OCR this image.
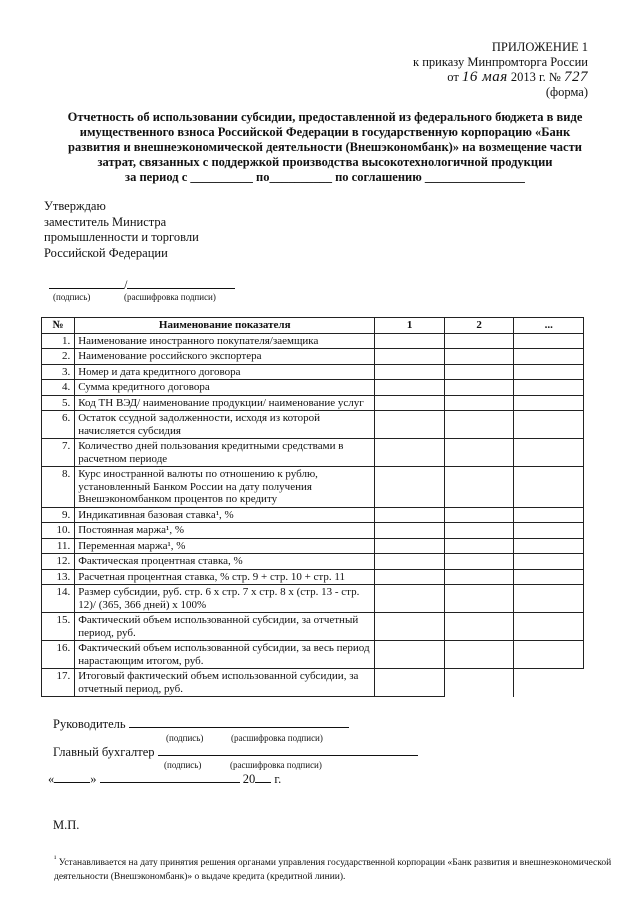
ПРИЛОЖЕНИЕ 1
к приказу Минпромторга России
от 16 мая 2013 г. № 727
(форма)
Отчетность об использовании субсидии, предоставленной из федерального бюджета в виде
имущественного взноса Российской Федерации в государственную корпорацию «Банк
развития и внешнеэкономической деятельности (Внешэкономбанк)» на возмещение части
затрат, связанных с поддержкой производства высокотехнологичной продукции
за период с __________ по__________ по соглашению ________________
Утверждаю
заместитель Министра
промышленности и торговли
Российской Федерации
/
(подпись)	(расшифровка подписи)
№	Наименование показателя	1	2	...
1.	Наименование иностранного покупателя/заемщика			
2.	Наименование российского экспортера			
3.	Номер и дата кредитного договора			
4.	Сумма кредитного договора			
5.	Код ТН ВЭД/ наименование продукции/ наименование услуг			
6.	Остаток ссудной задолженности, исходя из которой начисляется субсидия			
7.	Количество дней пользования кредитными средствами в расчетном периоде			
8.	Курс иностранной валюты по отношению к рублю, установленный Банком России на дату получения Внешэкономбанком процентов по кредиту			
9.	Индикативная базовая ставка¹, %			
10.	Постоянная маржа¹, %			
11.	Переменная маржа¹, %			
12.	Фактическая процентная ставка, %			
13.	Расчетная процентная ставка, % стр. 9 + стр. 10 + стр. 11			
14.	Размер субсидии, руб. стр. 6 х стр. 7 х стр. 8 х (стр. 13 - стр. 12)/ (365, 366 дней) х 100%			
15.	Фактический объем использованной субсидии, за отчетный период, руб.			
16.	Фактический объем использованной субсидии, за весь период нарастающим итогом, руб.			
17.	Итоговый фактический объем использованной субсидии, за отчетный период, руб.			
Руководитель
(подпись)	(расшифровка подписи)
Главный бухгалтер
(подпись)	(расшифровка подписи)
«	»	20 г.
М.П.
$^{^1}$ Устанавливается на дату принятия решения органами управления государственной корпорации «Банк развития и внешнеэкономической деятельности (Внешэкономбанк)» о выдаче кредита (кредитной линии).
